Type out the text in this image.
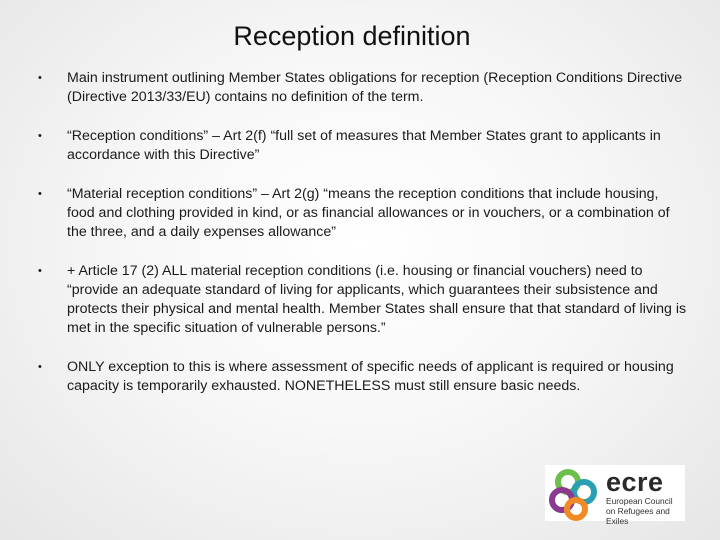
Reception definition
•	Main instrument outlining Member States obligations for reception (Reception Conditions Directive (Directive 2013/33/EU) contains no definition of the term.
•	“Reception conditions” – Art 2(f) “full set of measures that Member States grant to applicants in accordance with this Directive”
•	“Material reception conditions” – Art 2(g) “means the reception conditions that include housing, food and clothing provided in kind, or as financial allowances or in vouchers, or a combination of the three, and a daily expenses allowance”
•	+ Article 17 (2) ALL material reception conditions (i.e. housing or financial vouchers) need to “provide an adequate standard of living for applicants, which guarantees their subsistence and protects their physical and mental health. Member States shall ensure that that standard of living is met in the specific situation of vulnerable persons.”
•	ONLY exception to this is where assessment of specific needs of applicant is required or housing capacity is temporarily exhausted. NONETHELESS must still ensure basic needs.
ecre
European Council
on Refugees and Exiles
